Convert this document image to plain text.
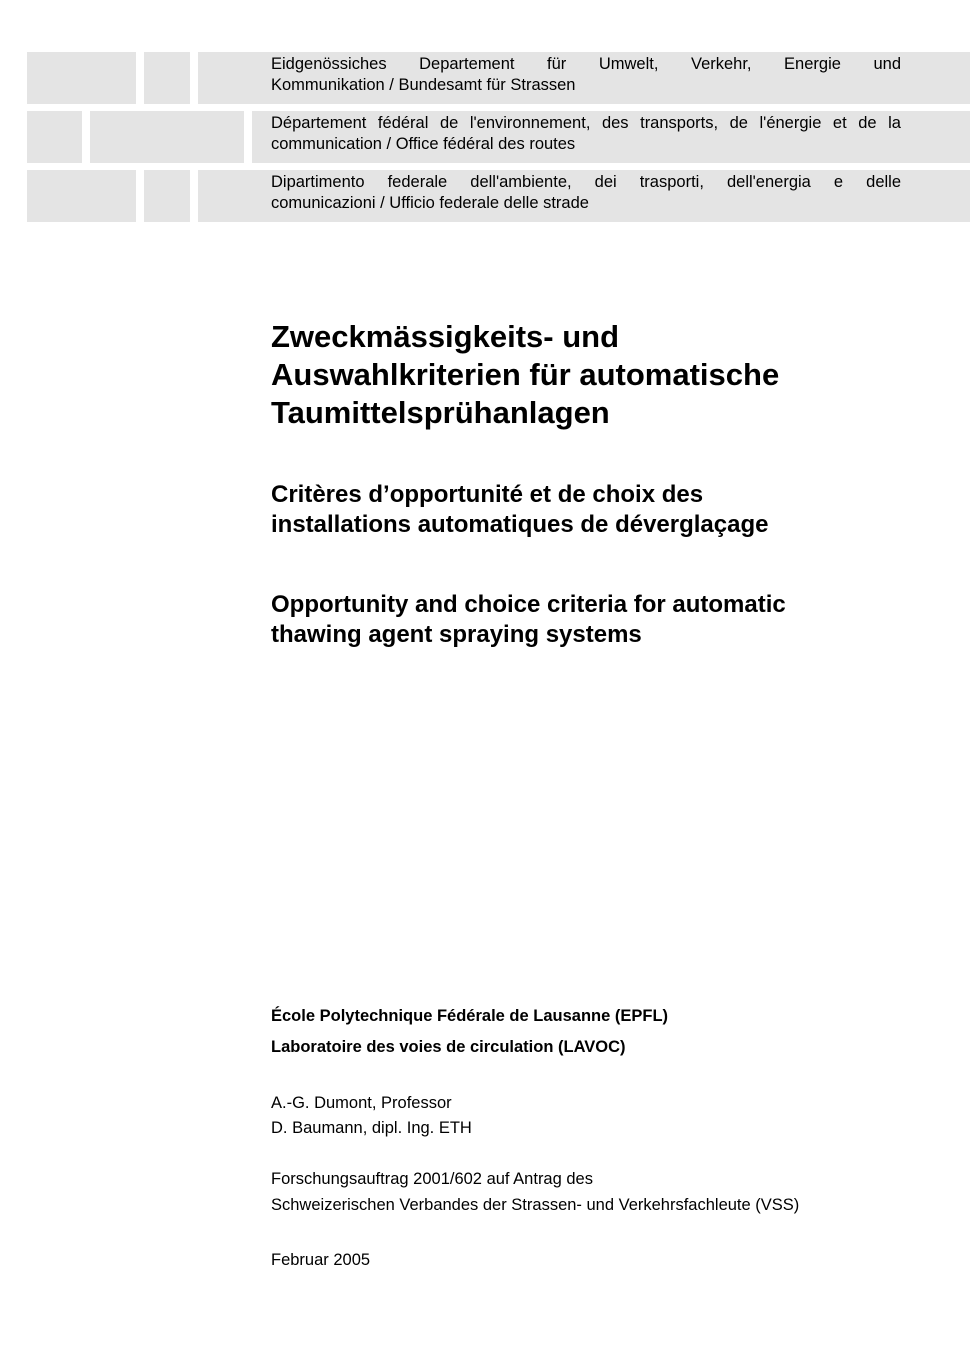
Eidgenössiches Departement für Umwelt, Verkehr, Energie und
Kommunikation / Bundesamt für Strassen
Département fédéral de l'environnement, des transports, de l'énergie et de la
communication / Office fédéral des routes
Dipartimento federale dell'ambiente, dei trasporti, dell'energia e delle
comunicazioni / Ufficio federale delle strade
Zweckmässigkeits- und
Auswahlkriterien für automatische
Taumittelsprühanlagen
Critères d’opportunité et de choix des
installations automatiques de déverglaçage
Opportunity and choice criteria for automatic
thawing agent spraying systems
École Polytechnique Fédérale de Lausanne (EPFL)
Laboratoire des voies de circulation (LAVOC)
A.-G. Dumont, Professor
D. Baumann, dipl. Ing. ETH
Forschungsauftrag 2001/602 auf Antrag des
Schweizerischen Verbandes der Strassen- und Verkehrsfachleute (VSS)
Februar 2005
